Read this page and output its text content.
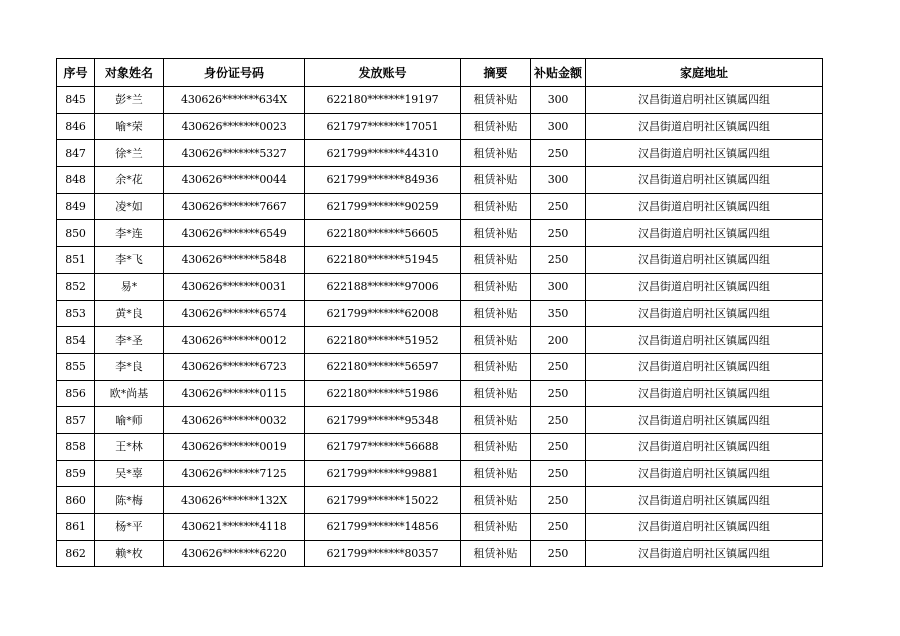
序号	对象姓名	身份证号码	发放账号	摘要	补贴金额	家庭地址
845	彭*兰	430626*******634X	622180*******19197	租赁补贴	300	汉昌街道启明社区镇属四组
846	喻*荣	430626*******0023	621797*******17051	租赁补贴	300	汉昌街道启明社区镇属四组
847	徐*兰	430626*******5327	621799*******44310	租赁补贴	250	汉昌街道启明社区镇属四组
848	余*花	430626*******0044	621799*******84936	租赁补贴	300	汉昌街道启明社区镇属四组
849	凌*如	430626*******7667	621799*******90259	租赁补贴	250	汉昌街道启明社区镇属四组
850	李*连	430626*******6549	622180*******56605	租赁补贴	250	汉昌街道启明社区镇属四组
851	李*飞	430626*******5848	622180*******51945	租赁补贴	250	汉昌街道启明社区镇属四组
852	易*	430626*******0031	622188*******97006	租赁补贴	300	汉昌街道启明社区镇属四组
853	黄*良	430626*******6574	621799*******62008	租赁补贴	350	汉昌街道启明社区镇属四组
854	李*圣	430626*******0012	622180*******51952	租赁补贴	200	汉昌街道启明社区镇属四组
855	李*良	430626*******6723	622180*******56597	租赁补贴	250	汉昌街道启明社区镇属四组
856	欧*尚基	430626*******0115	622180*******51986	租赁补贴	250	汉昌街道启明社区镇属四组
857	喻*师	430626*******0032	621799*******95348	租赁补贴	250	汉昌街道启明社区镇属四组
858	王*林	430626*******0019	621797*******56688	租赁补贴	250	汉昌街道启明社区镇属四组
859	吴*辜	430626*******7125	621799*******99881	租赁补贴	250	汉昌街道启明社区镇属四组
860	陈*梅	430626*******132X	621799*******15022	租赁补贴	250	汉昌街道启明社区镇属四组
861	杨*平	430621*******4118	621799*******14856	租赁补贴	250	汉昌街道启明社区镇属四组
862	赖*枚	430626*******6220	621799*******80357	租赁补贴	250	汉昌街道启明社区镇属四组
